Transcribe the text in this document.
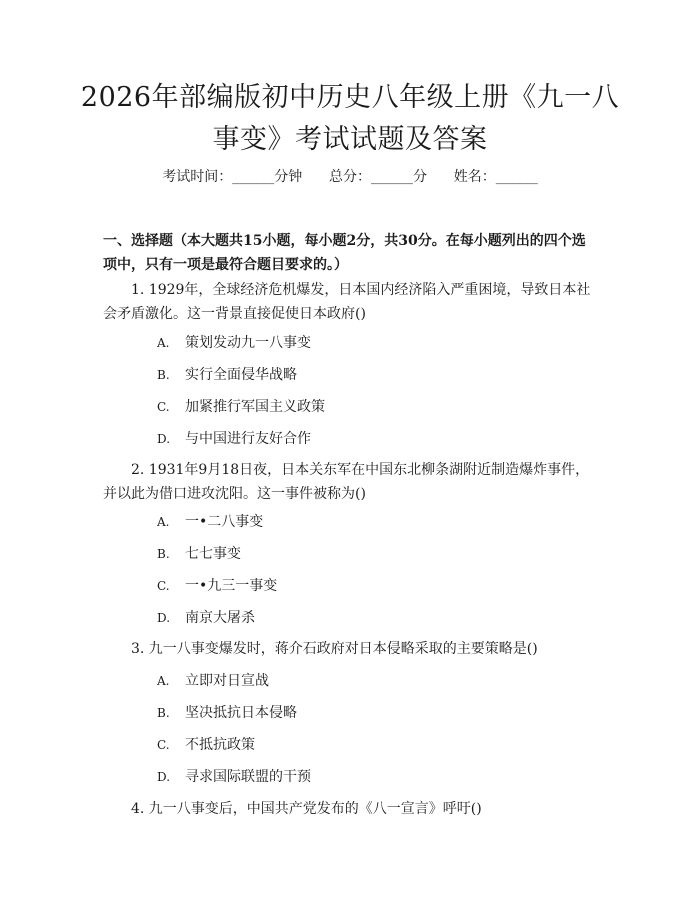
2026年部编版初中历史八年级上册《九一八
事变》考试试题及答案
考试时间：______分钟      总分：______分      姓名：______
一、选择题（本大题共15小题，每小题2分，共30分。在每小题列出的四个选
项中，只有一项是最符合题目要求的。）
1. 1929年，全球经济危机爆发，日本国内经济陷入严重困境，导致日本社
会矛盾激化。这一背景直接促使日本政府()
A. 策划发动九一八事变
B. 实行全面侵华战略
C. 加紧推行军国主义政策
D. 与中国进行友好合作
2. 1931年9月18日夜，日本关东军在中国东北柳条湖附近制造爆炸事件，
并以此为借口进攻沈阳。这一事件被称为()
A. 一•二八事变
B. 七七事变
C. 一•九三一事变
D. 南京大屠杀
3. 九一八事变爆发时，蒋介石政府对日本侵略采取的主要策略是()
A. 立即对日宣战
B. 坚决抵抗日本侵略
C. 不抵抗政策
D. 寻求国际联盟的干预
4. 九一八事变后，中国共产党发布的《八一宣言》呼吁()
